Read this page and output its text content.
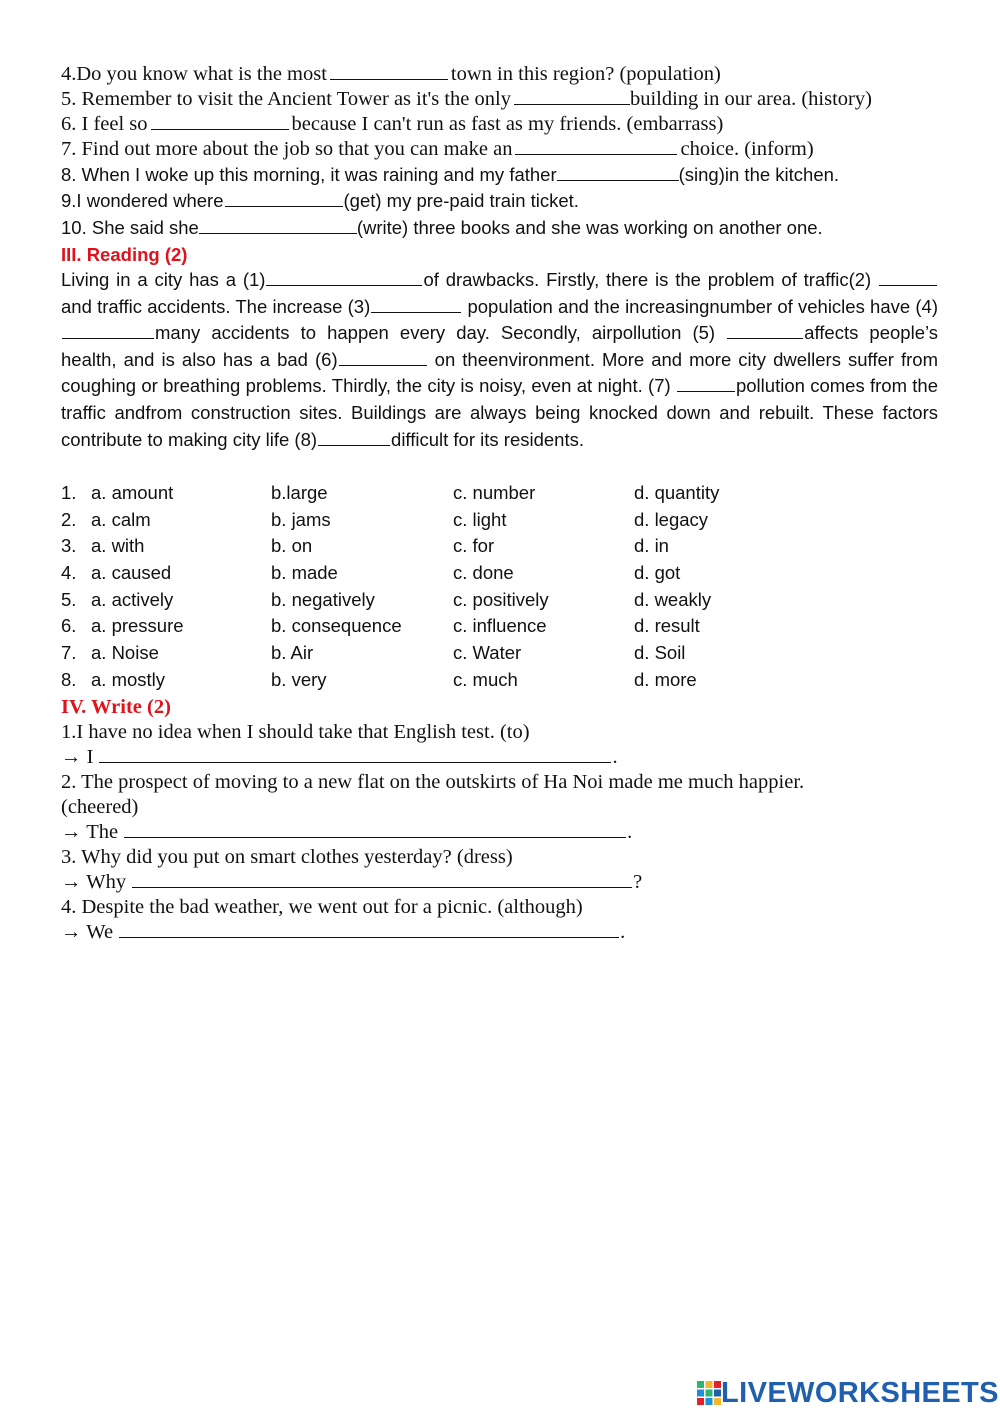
4.Do you know what is the most	town in this region? (population)
5. Remember to visit the Ancient Tower as it's the only	building in our area. (history)
6. I feel so	because I can't run as fast as my friends. (embarrass)
7. Find out more about the job so that you can make an	choice. (inform)
8. When I woke up this morning, it was raining and my father	(sing)in the kitchen.
9.I wondered where	(get) my pre-paid train ticket.
10. She said she	(write) three books and she was working on another one.
III. Reading (2)
Living in a city has a (1)	of drawbacks. Firstly, there is the problem of traffic(2) and traffic accidents. The increase (3)	population and the increasingnumber of vehicles have (4)many accidents to happen every day. Secondly, airpollution (5)	affects people’s health, and is also has a bad (6)	on theenvironment. More and more city dwellers suffer from coughing or breathing problems. Thirdly, the city is noisy, even at night. (7)	pollution comes from the traffic andfrom construction sites. Buildings are always being knocked down and rebuilt. These factors contribute to making city life (8)	difficult for its residents.
1. a. amount	b.large	c. number	d. quantity
2. a. calm	b. jams	c. light	d. legacy
3. a. with	b. on	c. for	d. in
4. a. caused	b. made	c. done	d. got
5. a. actively	b. negatively	c. positively	d. weakly
6. a. pressure	b. consequence	c. influence	d. result
7. a. Noise	b. Air	c. Water	d. Soil
8. a. mostly	b. very	c. much	d. more
IV. Write (2)
1.I have no idea when I should take that English test. (to)
→ I	.
2. The prospect of moving to a new flat on the outskirts of Ha Noi made me much happier.
(cheered)
→ The	.
3. Why did you put on smart clothes yesterday? (dress)
→ Why	?
4. Despite the bad weather, we went out for a picnic. (although)
→ We	.
LIVEWORKSHEETS
